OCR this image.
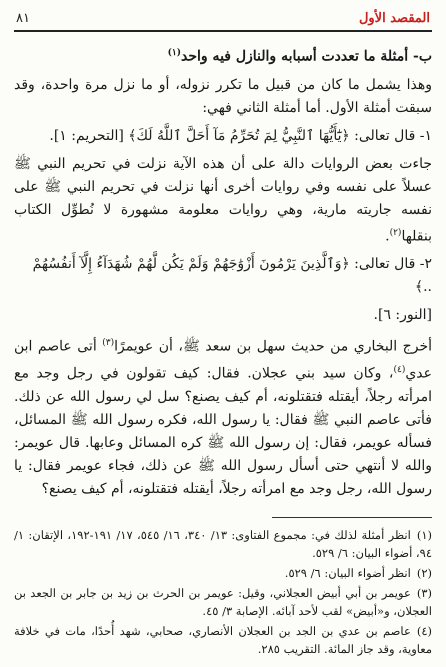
المقصد الأول
٨١

ب- أمثلة ما تعددت أسبابه والنازل فيه واحد$^{(١)}$

وهذا يشمل ما كان من قبيل ما تكرر نزوله، أو ما نزل مرة واحدة، وقد سبقت أمثلة الأول. أما أمثلة الثاني فهي:

١- قال تعالى: ﴿يَٰٓأَيُّهَا ٱلنَّبِيُّ لِمَ تُحَرِّمُ مَآ أَحَلَّ ٱللَّهُ لَكَ﴾ [التحريم: ١].

جاءت بعض الروايات دالة على أن هذه الآية نزلت في تحريم النبي ﷺ عسلاً على نفسه وفي روايات أخرى أنها نزلت في تحريم النبي ﷺ على نفسه جاريته مارية، وهي روايات معلومة مشهورة لا نُطوِّل الكتاب بنقلها$^{(٢)}$.

٢- قال تعالى: ﴿وَٱلَّذِينَ يَرْمُونَ أَزْوَٰجَهُمْ وَلَمْ يَكُن لَّهُمْ شُهَدَآءُ إِلَّآ أَنفُسُهُمْ ..﴾

[النور: ٦].

أخرج البخاري من حديث سهل بن سعد ﷺ، أن عويمرًا$^{(٣)}$ أتى عاصم ابن عدي$^{(٤)}$، وكان سيد بني عجلان. فقال: كيف تقولون في رجل وجد مع امرأته رجلاً، أيقتله فتقتلونه، أم كيف يصنع؟ سل لي رسول الله عن ذلك. فأتى عاصم النبي ﷺ فقال: يا رسول الله، فكره رسول الله ﷺ المسائل، فسأله عويمر، فقال: إن رسول الله ﷺ كره المسائل وعابها. قال عويمر: والله لا أنتهي حتى أسأل رسول الله ﷺ عن ذلك، فجاء عويمر فقال: يا رسول الله، رجل وجد مع امرأته رجلاً، أيقتله فتقتلونه، أم كيف يصنع؟

(١)انظر أمثلة لذلك في: مجموع الفتاوى: ١٣/ ٣٤٠، ١٦/ ٥٤٥، ١٧/ ١٩١-١٩٢، الإتقان: ١/ ٩٤، أضواء البيان: ٦/ ٥٢٩.

(٢)انظر أضواء البيان: ٦/ ٥٢٩.

(٣)عويمر بن أبي أبيض العجلاني، وقيل: عويمر بن الحرث بن زيد بن جابر بن الجعد بن العجلان، و«أبيض» لقب لأحد آبائه. الإصابة ٣/ ٤٥.

(٤)عاصم بن عدي بن الجد بن العجلان الأنصاري، صحابي، شهد أُحدًا، مات في خلافة معاوية، وقد جاز المائة. التقريب ٢٨٥.
